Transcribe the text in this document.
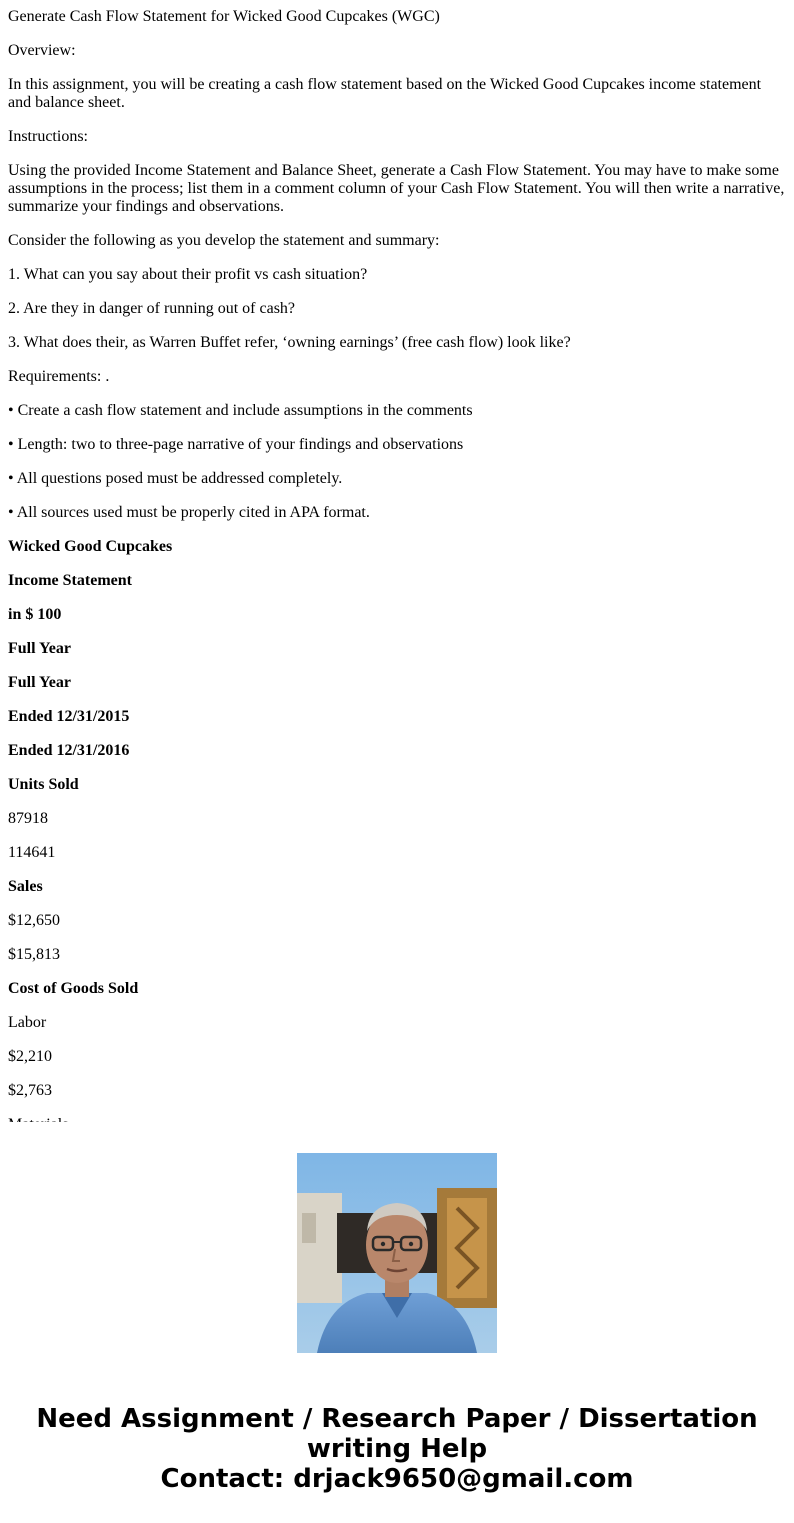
Generate Cash Flow Statement for Wicked Good Cupcakes (WGC)

Overview:

In this assignment, you will be creating a cash flow statement based on the Wicked Good Cupcakes income statement and balance sheet.

Instructions:

Using the provided Income Statement and Balance Sheet, generate a Cash Flow Statement. You may have to make some assumptions in the process; list them in a comment column of your Cash Flow Statement. You will then write a narrative, summarize your findings and observations.

Consider the following as you develop the statement and summary:

1. What can you say about their profit vs cash situation?

2. Are they in danger of running out of cash?

3. What does their, as Warren Buffet refer, ‘owning earnings’ (free cash flow) look like?

Requirements: .

• Create a cash flow statement and include assumptions in the comments

• Length: two to three-page narrative of your findings and observations

• All questions posed must be addressed completely.

• All sources used must be properly cited in APA format.

Wicked Good Cupcakes

Income Statement

in $ 100

Full Year

Full Year

Ended 12/31/2015

Ended 12/31/2016

Units Sold

87918

114641

Sales

$12,650

$15,813

Cost of Goods Sold

Labor

$2,210

$2,763

Need Assignment / Research Paper / Dissertation
writing Help
Contact: drjack9650@gmail.com
